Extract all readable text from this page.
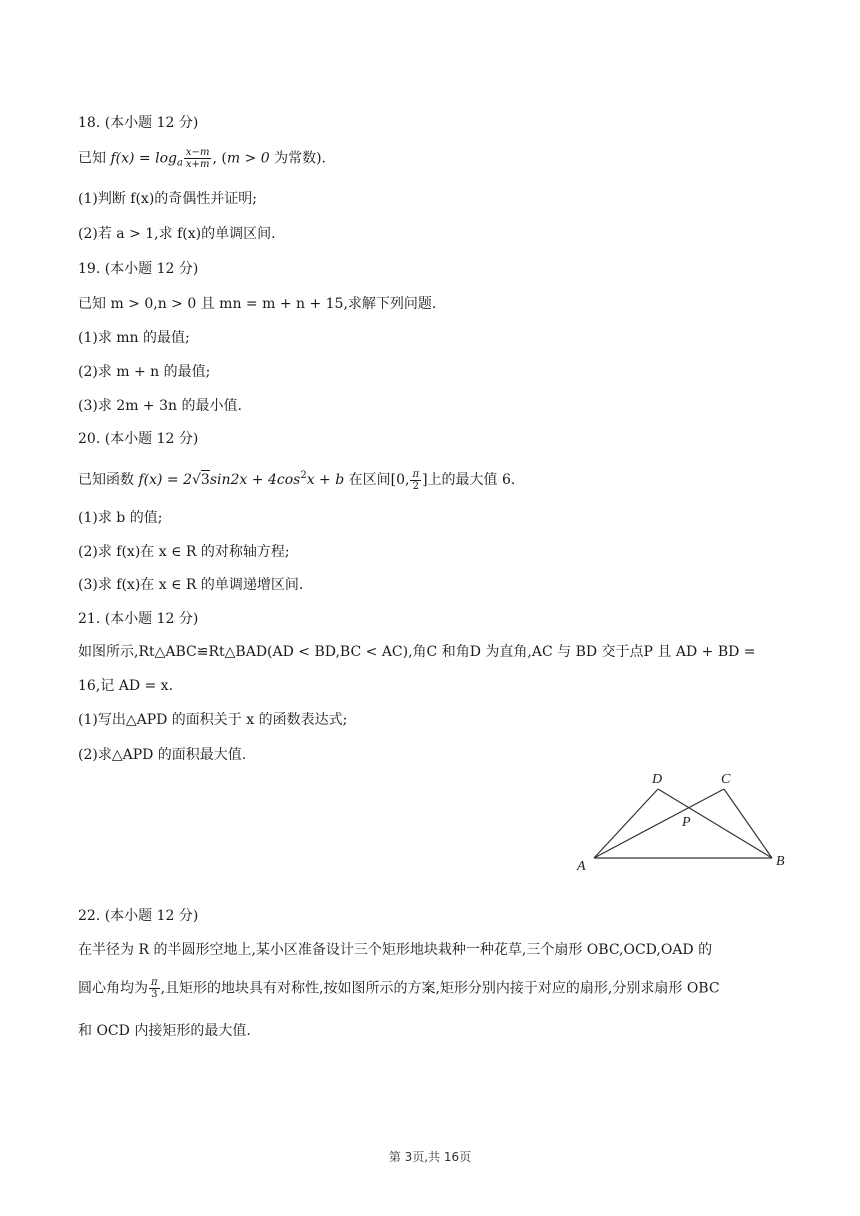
18. (本小题 12 分)
已知 $f(x) = \log_a \frac{x-m}{x+m}$ , (m > 0 为常数).
(1)判断 f(x)的奇偶性并证明;
(2)若 a > 1,求 f(x)的单调区间.
19. (本小题 12 分)
已知 m > 0,n > 0 且 mn = m + n + 15,求解下列问题.
(1)求 mn 的最值;
(2)求 m + n 的最值;
(3)求 2m + 3n 的最小值.
20. (本小题 12 分)
已知函数 $f(x) = 2√3\sin 2x + 4\cos^2x + b$ 在区间[0, $\frac{\pi}{2}$ ]上的最大值 6.
(1)求 b 的值;
(2)求 f(x)在 x ∈ R 的对称轴方程;
(3)求 f(x)在 x ∈ R 的单调递增区间.
21. (本小题 12 分)
如图所示,Rt△ABC≌Rt△BAD(AD < BD,BC < AC),角C 和角D 为直角,AC 与 BD 交于点P 且 AD + BD =
16,记 AD = x.
(1)写出△APD 的面积关于 x 的函数表达式;
(2)求△APD 的面积最大值.
D	C
P
A	B
22. (本小题 12 分)
在半径为 R 的半圆形空地上,某小区准备设计三个矩形地块栽种一种花草,三个扇形 OBC,OCD,OAD 的
圆心角均为 $\frac{\pi}{3}$ ,且矩形的地块具有对称性,按如图所示的方案,矩形分别内接于对应的扇形,分别求扇形 OBC
和 OCD 内接矩形的最大值.
第 3页,共 16页
